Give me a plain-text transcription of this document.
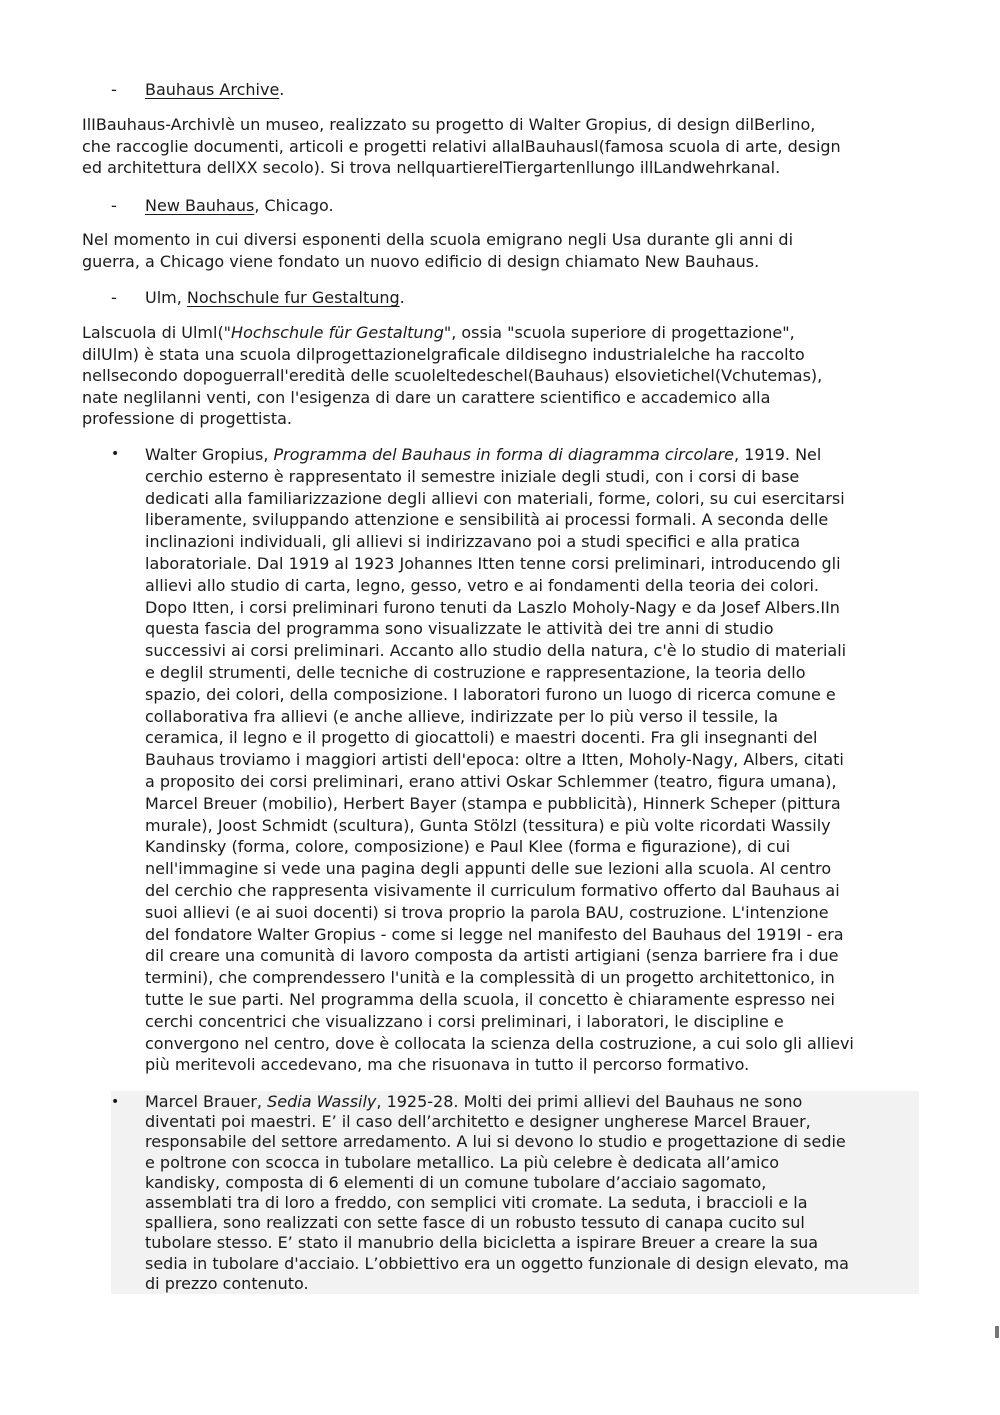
- Bauhaus Archive.
IlIBauhaus-Archivlè un museo, realizzato su progetto di Walter Gropius, di design dilBerlino,
che raccoglie documenti, articoli e progetti relativi allalBauhausl(famosa scuola di arte, design
ed architettura dellXX secolo). Si trova nellquartierelTiergartenllungo illLandwehrkanal.
- New Bauhaus, Chicago.
Nel momento in cui diversi esponenti della scuola emigrano negli Usa durante gli anni di
guerra, a Chicago viene fondato un nuovo edificio di design chiamato New Bauhaus.
- Ulm, Nochschule fur Gestaltung.
Lalscuola di Ulml("Hochschule für Gestaltung", ossia "scuola superiore di progettazione",
dilUlm) è stata una scuola dilprogettazionelgraficale dildisegno industrialelche ha raccolto
nellsecondo dopoguerrall'eredità delle scuoleltedeschel(Bauhaus) elsovietichel(Vchutemas),
nate neglilanni venti, con l'esigenza di dare un carattere scientifico e accademico alla
professione di progettista.
• Walter Gropius, Programma del Bauhaus in forma di diagramma circolare, 1919. Nel
cerchio esterno è rappresentato il semestre iniziale degli studi, con i corsi di base
dedicati alla familiarizzazione degli allievi con materiali, forme, colori, su cui esercitarsi
liberamente, sviluppando attenzione e sensibilità ai processi formali. A seconda delle
inclinazioni individuali, gli allievi si indirizzavano poi a studi specifici e alla pratica
laboratoriale. Dal 1919 al 1923 Johannes Itten tenne corsi preliminari, introducendo gli
allievi allo studio di carta, legno, gesso, vetro e ai fondamenti della teoria dei colori.
Dopo Itten, i corsi preliminari furono tenuti da Laszlo Moholy-Nagy e da Josef Albers.IIn
questa fascia del programma sono visualizzate le attività dei tre anni di studio
successivi ai corsi preliminari. Accanto allo studio della natura, c'è lo studio di materiali
e deglil strumenti, delle tecniche di costruzione e rappresentazione, la teoria dello
spazio, dei colori, della composizione. I laboratori furono un luogo di ricerca comune e
collaborativa fra allievi (e anche allieve, indirizzate per lo più verso il tessile, la
ceramica, il legno e il progetto di giocattoli) e maestri docenti. Fra gli insegnanti del
Bauhaus troviamo i maggiori artisti dell'epoca: oltre a Itten, Moholy-Nagy, Albers, citati
a proposito dei corsi preliminari, erano attivi Oskar Schlemmer (teatro, figura umana),
Marcel Breuer (mobilio), Herbert Bayer (stampa e pubblicità), Hinnerk Scheper (pittura
murale), Joost Schmidt (scultura), Gunta Stölzl (tessitura) e più volte ricordati Wassily
Kandinsky (forma, colore, composizione) e Paul Klee (forma e figurazione), di cui
nell'immagine si vede una pagina degli appunti delle sue lezioni alla scuola. Al centro
del cerchio che rappresenta visivamente il curriculum formativo offerto dal Bauhaus ai
suoi allievi (e ai suoi docenti) si trova proprio la parola BAU, costruzione. L'intenzione
del fondatore Walter Gropius - come si legge nel manifesto del Bauhaus del 1919I - era
dil creare una comunità di lavoro composta da artisti artigiani (senza barriere fra i due
termini), che comprendessero l'unità e la complessità di un progetto architettonico, in
tutte le sue parti. Nel programma della scuola, il concetto è chiaramente espresso nei
cerchi concentrici che visualizzano i corsi preliminari, i laboratori, le discipline e
convergono nel centro, dove è collocata la scienza della costruzione, a cui solo gli allievi
più meritevoli accedevano, ma che risuonava in tutto il percorso formativo.
• Marcel Brauer, Sedia Wassily, 1925-28. Molti dei primi allievi del Bauhaus ne sono
diventati poi maestri. E’ il caso dell’architetto e designer ungherese Marcel Brauer,
responsabile del settore arredamento. A lui si devono lo studio e progettazione di sedie
e poltrone con scocca in tubolare metallico. La più celebre è dedicata all’amico
kandisky, composta di 6 elementi di un comune tubolare d’acciaio sagomato,
assemblati tra di loro a freddo, con semplici viti cromate. La seduta, i braccioli e la
spalliera, sono realizzati con sette fasce di un robusto tessuto di canapa cucito sul
tubolare stesso. E’ stato il manubrio della bicicletta a ispirare Breuer a creare la sua
sedia in tubolare d'acciaio. L’obbiettivo era un oggetto funzionale di design elevato, ma
di prezzo contenuto.
